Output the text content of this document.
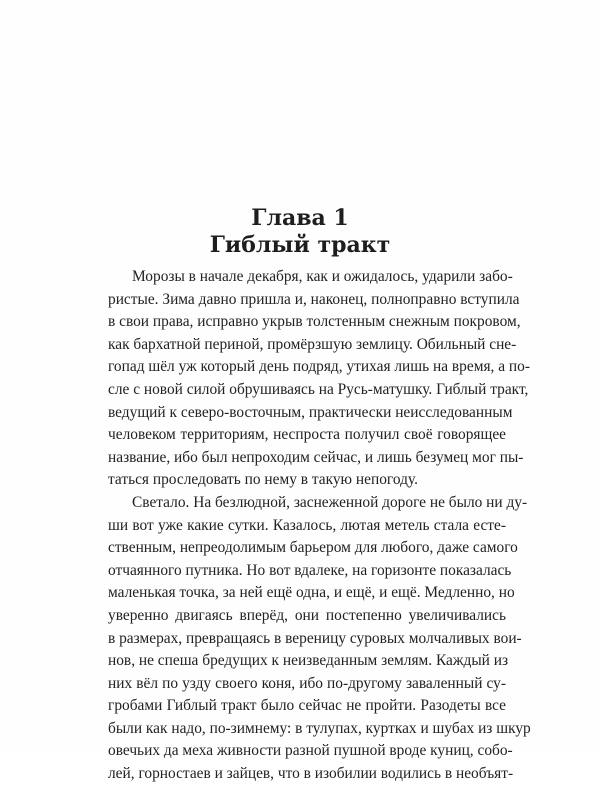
Глава 1
Гиблый тракт
Морозы в начале декабря, как и ожидалось, ударили забо-
ристые. Зима давно пришла и, наконец, полноправно вступила
в свои права, исправно укрыв толстенным снежным покровом,
как бархатной периной, промёрзшую землицу. Обильный сне-
гопад шёл уж который день подряд, утихая лишь на время, а по-
сле с новой силой обрушиваясь на Русь-матушку. Гиблый тракт,
ведущий к северо-восточным, практически неисследованным
человеком территориям, неспроста получил своё говорящее
название, ибо был непроходим сейчас, и лишь безумец мог пы-
таться проследовать по нему в такую непогоду.
Светало. На безлюдной, заснеженной дороге не было ни ду-
ши вот уже какие сутки. Казалось, лютая метель стала есте-
ственным, непреодолимым барьером для любого, даже самого
отчаянного путника. Но вот вдалеке, на горизонте показалась
маленькая точка, за ней ещё одна, и ещё, и ещё. Медленно, но
уверенно двигаясь вперёд, они постепенно увеличивались
в размерах, превращаясь в вереницу суровых молчаливых вои-
нов, не спеша бредущих к неизведанным землям. Каждый из
них вёл по узду своего коня, ибо по-другому заваленный су-
гробами Гиблый тракт было сейчас не пройти. Разодеты все
были как надо, по-зимнему: в тулупах, куртках и шубах из шкур
овечьих да меха живности разной пушной вроде куниц, собо-
лей, горностаев и зайцев, что в изобилии водились в необъят-
